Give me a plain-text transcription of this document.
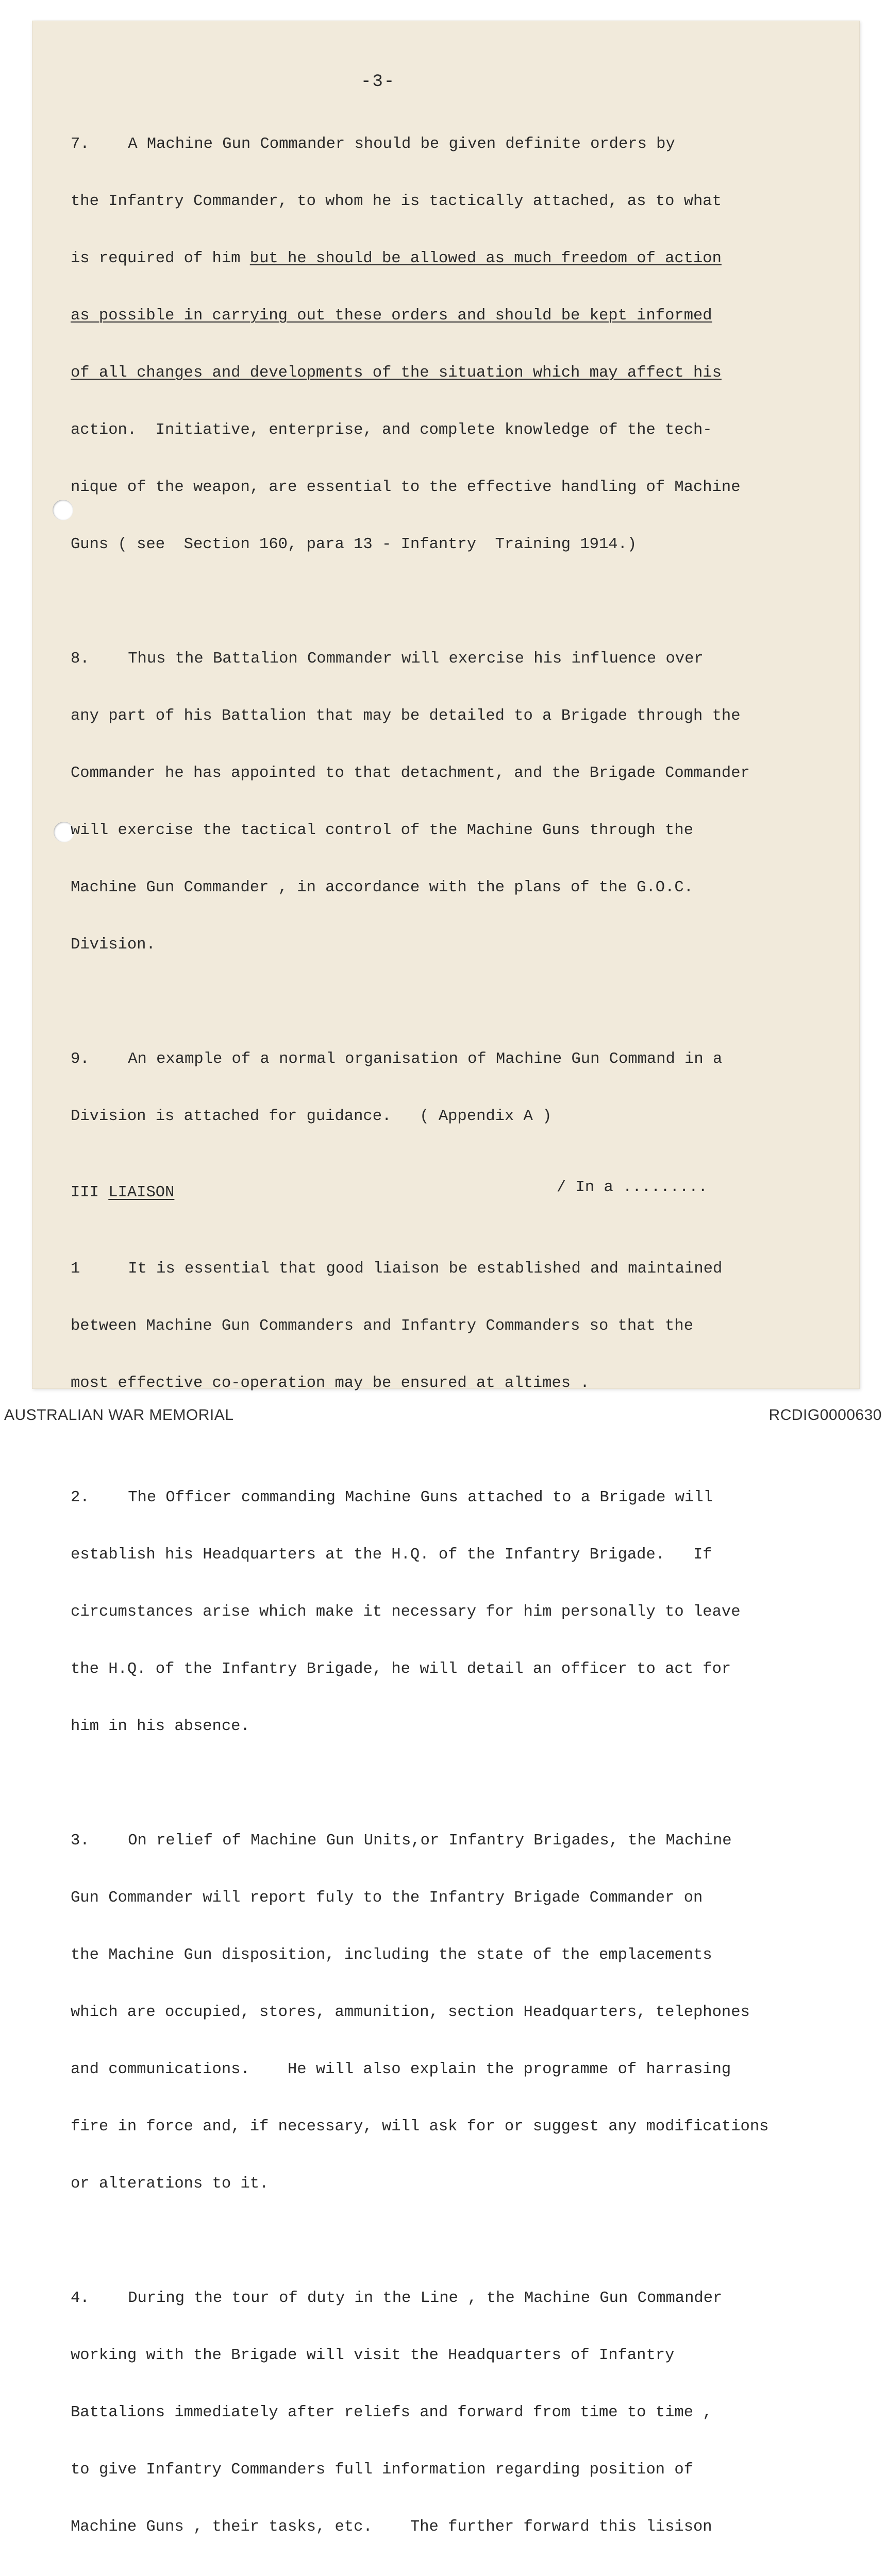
-3-

7. A Machine Gun Commander should be given definite orders by

the Infantry Commander, to whom he is tactically attached, as to what

is required of him but he should be allowed as much freedom of action

as possible in carrying out these orders and should be kept informed

of all changes and developments of the situation which may affect his

action.  Initiative, enterprise, and complete knowledge of the tech-

nique of the weapon, are essential to the effective handling of Machine

Guns ( see  Section 160, para 13 - Infantry  Training 1914.)

8. Thus the Battalion Commander will exercise his influence over

any part of his Battalion that may be detailed to a Brigade through the

Commander he has appointed to that detachment, and the Brigade Commander

will exercise the tactical control of the Machine Guns through the

Machine Gun Commander , in accordance with the plans of the G.O.C.

Division.

9. An example of a normal organisation of Machine Gun Command in a

Division is attached for guidance.   ( Appendix A )

III LIAISON

1	It is essential that good liaison be established and maintained

between Machine Gun Commanders and Infantry Commanders so that the

most effective co-operation may be ensured at altimes .

2. The Officer commanding Machine Guns attached to a Brigade will

establish his Headquarters at the H.Q. of the Infantry Brigade.   If

circumstances arise which make it necessary for him personally to leave

the H.Q. of the Infantry Brigade, he will detail an officer to act for

him in his absence.

3. On relief of Machine Gun Units,or Infantry Brigades, the Machine

Gun Commander will report fuly to the Infantry Brigade Commander on

the Machine Gun disposition, including the state of the emplacements

which are occupied, stores, ammunition, section Headquarters, telephones

and communications.    He will also explain the programme of harrasing

fire in force and, if necessary, will ask for or suggest any modifications

or alterations to it.

4. During the tour of duty in the Line , the Machine Gun Commander

working with the Brigade will visit the Headquarters of Infantry

Battalions immediately after reliefs and forward from time to time ,

to give Infantry Commanders full information regarding position of

Machine Guns , their tasks, etc.    The further forward this lisison

/ In a .........
AUSTRALIAN WAR MEMORIAL	RCDIG0000630
